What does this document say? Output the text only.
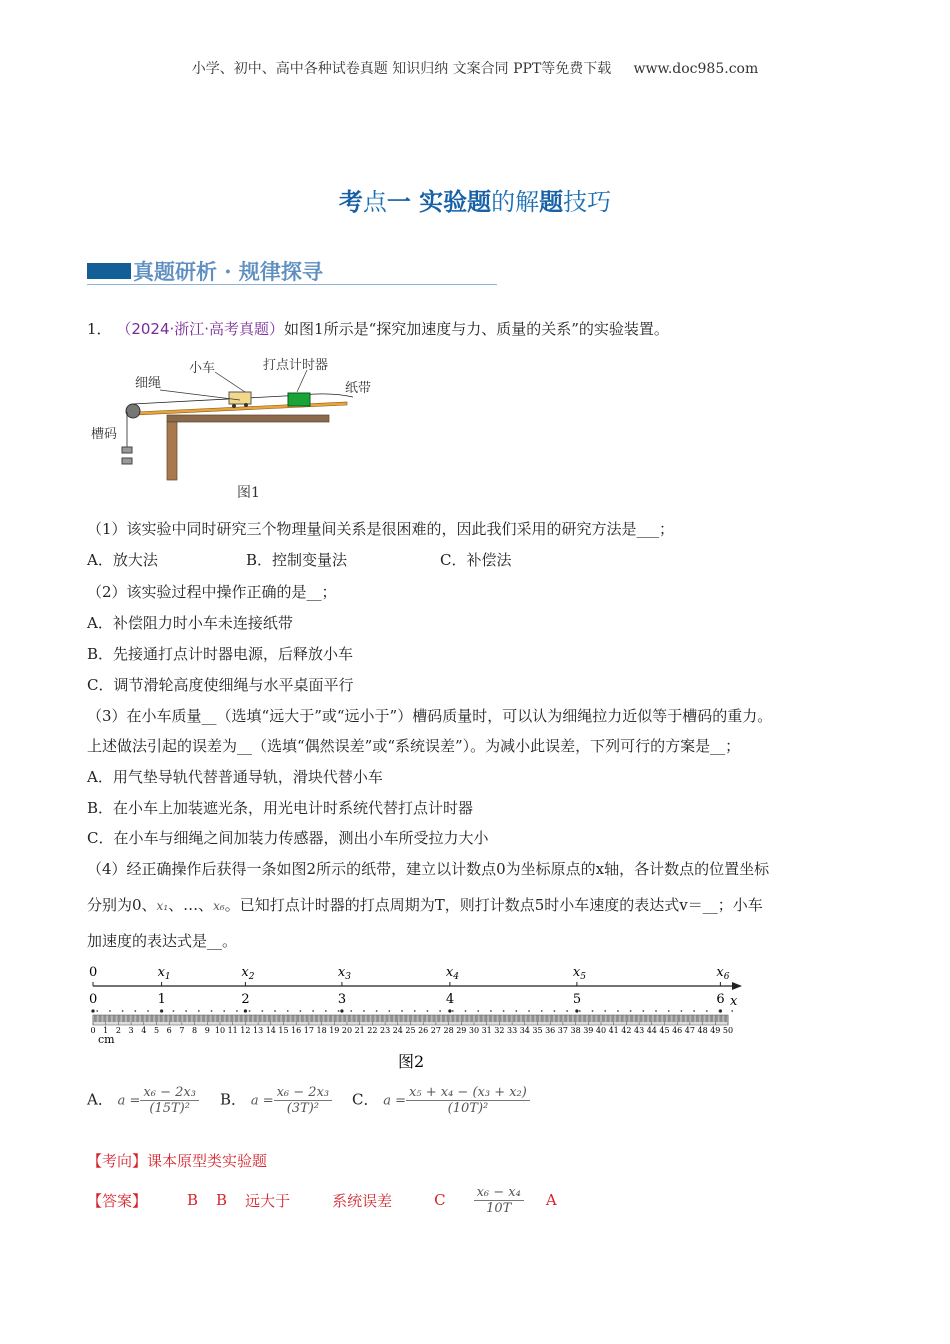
小学、初中、高中各种试卷真题 知识归纳 文案合同 PPT等免费下载 www.doc985.com
考点一 实验题的解题技巧
真题研析 · 规律探寻
1． （2024·浙江·高考真题）如图1所示是“探究加速度与力、质量的关系”的实验装置。
小车	打点计时器
细绳	纸带
槽码
图1
（1）该实验中同时研究三个物理量间关系是很困难的，因此我们采用的研究方法是___；
A．放大法	B．控制变量法	C．补偿法
（2）该实验过程中操作正确的是__；
A．补偿阻力时小车未连接纸带
B．先接通打点计时器电源，后释放小车
C．调节滑轮高度使细绳与水平桌面平行
（3）在小车质量__（选填“远大于”或“远小于”）槽码质量时，可以认为细绳拉力近似等于槽码的重力。
上述做法引起的误差为__（选填“偶然误差”或“系统误差”）。为减小此误差，下列可行的方案是__；
A．用气垫导轨代替普通导轨，滑块代替小车
B．在小车上加装遮光条，用光电计时系统代替打点计时器
C．在小车与细绳之间加装力传感器，测出小车所受拉力大小
（4）经正确操作后获得一条如图2所示的纸带，建立以计数点0为坐标原点的x轴，各计数点的位置坐标
分别为0、x₁、…、x₆。已知打点计时器的打点周期为T，则打计数点5时小车速度的表达式v＝__；小车
加速度的表达式是__。
0
0
$x_1$
1
$x_2$
2
$x_3$
3
$x_4$
4
$x_5$
5
$x_6$
6 x
0 1 2 3 4 5 6 7 8 9 10 11 12 13 14 15 16 17 18 19 20 21 22 23 24 25 26 27 28 29 30 31 32 33 34 35 36 37 38 39 40 41 42 43 44 45 46 47 48 49 50
cm
图2
A． $a = \frac{\text{x₆ − 2x₃}}{\text{(15T)²}}$ B． $a = \frac{\text{x₆ − 2x₃}}{\text{(3T)²}}$ C． $a = \frac{\text{x₅ + x₄ − (x₃ + x₂)}}{\text{(10T)²}}$
【考向】课本原型类实验题
【答案】	B B 远大于	系统误差	C $\frac{\text{x₆ − x₄}}{10T}$ A
